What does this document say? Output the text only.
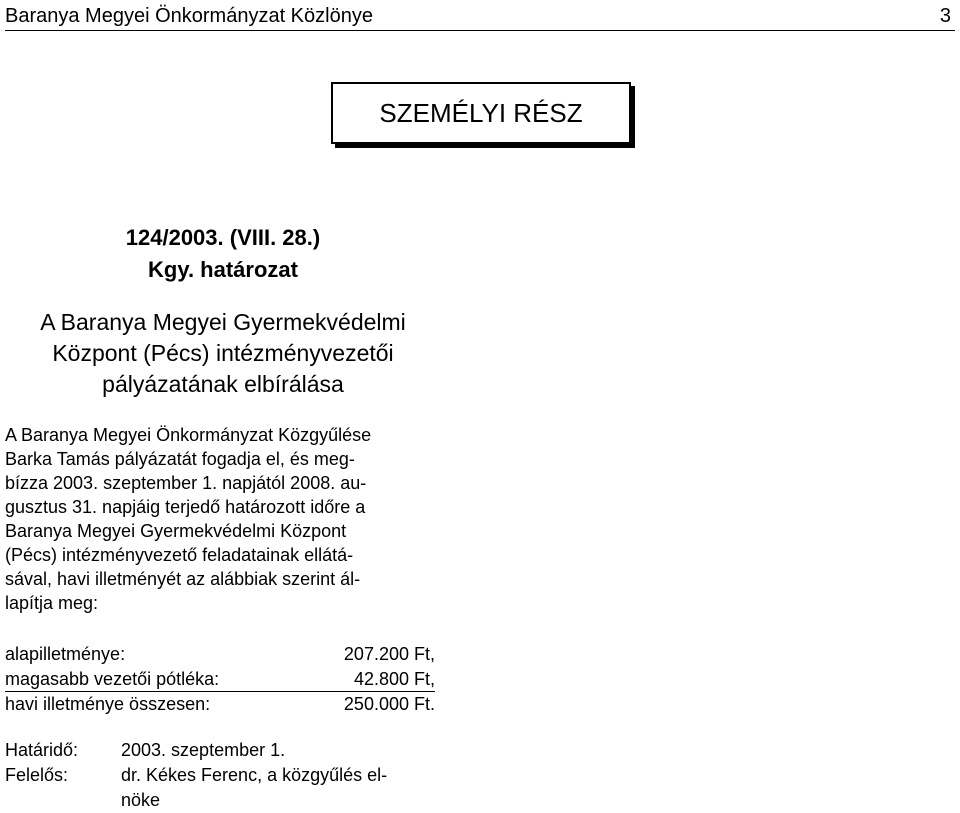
Baranya Megyei Önkormányzat Közlönye	3
SZEMÉLYI RÉSZ
124/2003. (VIII. 28.)
Kgy. határozat
A Baranya Megyei Gyermekvédelmi
Központ (Pécs) intézményvezetői
pályázatának elbírálása
A Baranya Megyei Önkormányzat Közgyűlése
Barka Tamás pályázatát fogadja el, és meg-
bízza 2003. szeptember 1. napjától 2008. au-
gusztus 31. napjáig terjedő határozott időre a
Baranya Megyei Gyermekvédelmi Központ
(Pécs) intézményvezető feladatainak ellátá-
sával, havi illetményét az alábbiak szerint ál-
lapítja meg:
alapilletménye:	207.200 Ft,
magasabb vezetői pótléka:	42.800 Ft,
havi illetménye összesen:	250.000 Ft.
Határidő: 2003. szeptember 1.
Felelős:	dr. Kékes Ferenc, a közgyűlés el-
nöke
